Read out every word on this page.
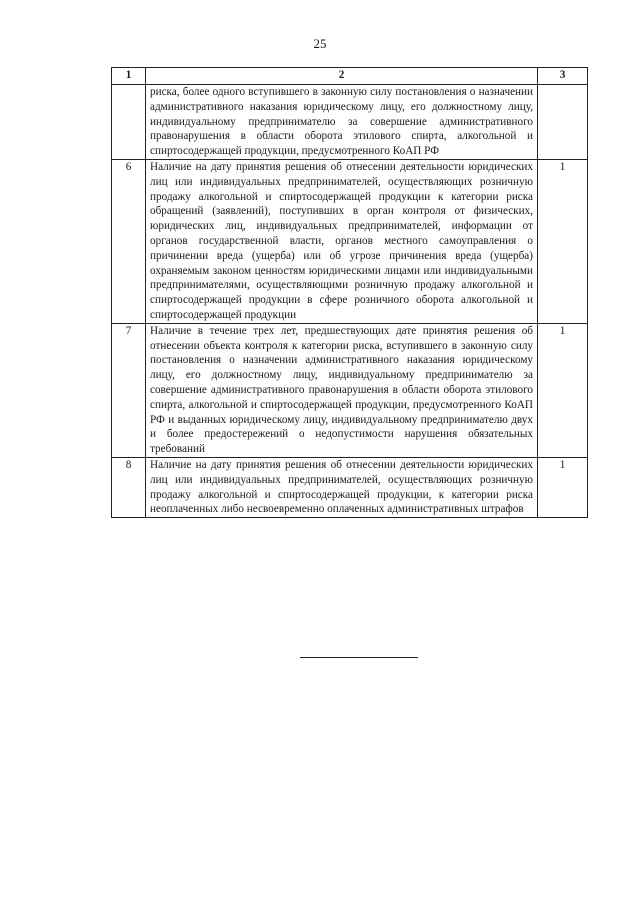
25
1	2	3
	риска, более одного вступившего в законную силу постановления о назначении административного наказания юридическому лицу, его должностному лицу, индивидуальному предпринимателю за совершение административного правонарушения в области оборота этилового спирта, алкогольной и спиртосодержащей продукции, предусмотренного КоАП РФ	
6	Наличие на дату принятия решения об отнесении деятельности юридических лиц или индивидуальных предпринимателей, осуществляющих розничную продажу алкогольной и спиртосодержащей продукции к категории риска обращений (заявлений), поступивших в орган контроля от физических, юридических лиц, индивидуальных предпринимателей, информации от органов государственной власти, органов местного самоуправления о причинении вреда (ущерба) или об угрозе причинения вреда (ущерба) охраняемым законом ценностям юридическими лицами или индивидуальными предпринимателями, осуществляющими розничную продажу алкогольной и спиртосодержащей продукции в сфере розничного оборота алкогольной и спиртосодержащей продукции	1
7	Наличие в течение трех лет, предшествующих дате принятия решения об отнесении объекта контроля к категории риска, вступившего в законную силу постановления о назначении административного наказания юридическому лицу, его должностному лицу, индивидуальному предпринимателю за совершение административного правонарушения в области оборота этилового спирта, алкогольной и спиртосодержащей продукции, предусмотренного КоАП РФ и выданных юридическому лицу, индивидуальному предпринимателю двух и более предостережений о недопустимости нарушения обязательных требований	1
8	Наличие на дату принятия решения об отнесении деятельности юридических лиц или индивидуальных предпринимателей, осуществляющих розничную продажу алкогольной и спиртосодержащей продукции, к категории риска неоплаченных либо несвоевременно оплаченных административных штрафов	1
